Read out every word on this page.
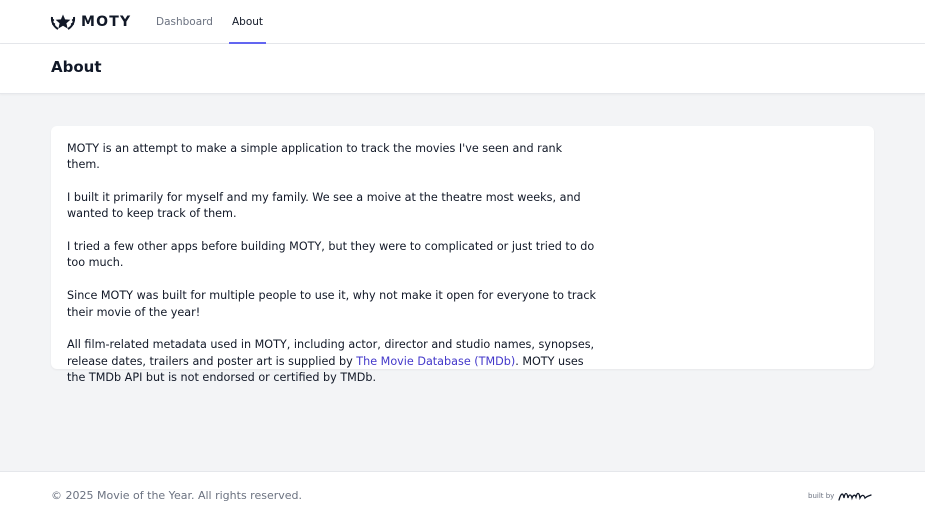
MOTY Dashboard About
About

MOTY is an attempt to make a simple application to track the movies I've seen and rank them.

I built it primarily for myself and my family. We see a moive at the theatre most weeks, and wanted to keep track of them.

I tried a few other apps before building MOTY, but they were to complicated or just tried to do too much.

Since MOTY was built for multiple people to use it, why not make it open for everyone to track their movie of the year!

All film-related metadata used in MOTY, including actor, director and studio names, synopses, release dates, trailers and poster art is supplied by The Movie Database (TMDb). MOTY uses the TMDb API but is not endorsed or certified by TMDb.

© 2025 Movie of the Year. All rights reserved.	built by
